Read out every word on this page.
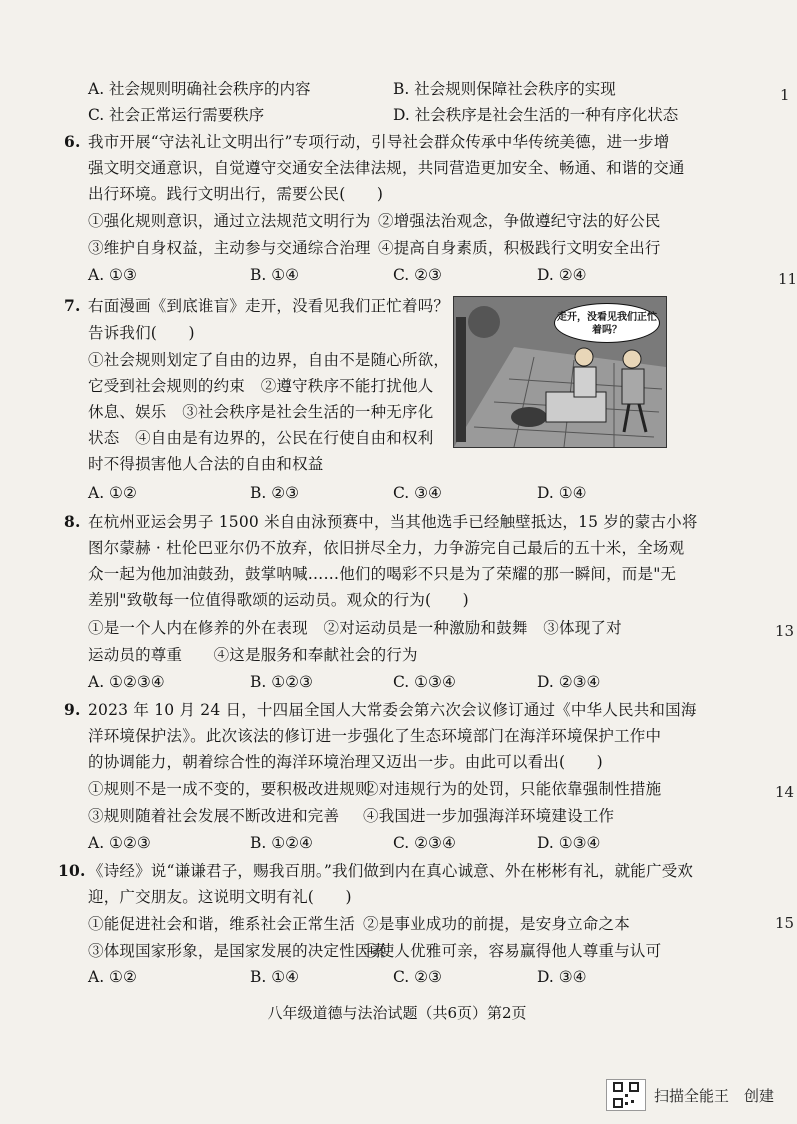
A. 社会规则明确社会秩序的内容	B. 社会规则保障社会秩序的实现
C. 社会正常运行需要秩序	D. 社会秩序是社会生活的一种有序化状态
6. 我市开展“守法礼让文明出行”专项行动，引导社会群众传承中华传统美德，进一步增
强文明交通意识，自觉遵守交通安全法律法规，共同营造更加安全、畅通、和谐的交通
出行环境。践行文明出行，需要公民(　　)
①强化规则意识，通过立法规范文明行为 ②增强法治观念，争做遵纪守法的好公民
③维护自身权益，主动参与交通综合治理 ④提高自身素质，积极践行文明安全出行
A. ①③	B. ①④	C. ②③	D. ②④
7. 右面漫画《到底谁盲》走开，没看见我们正忙着吗？
告诉我们(　　)
①社会规则划定了自由的边界，自由不是随心所欲，
它受到社会规则的约束　②遵守秩序不能打扰他人
休息、娱乐　③社会秩序是社会生活的一种无序化
状态　④自由是有边界的，公民在行使自由和权利
时不得损害他人合法的自由和权益
走开，没看见我们正忙着吗？
A. ①②	B. ②③	C. ③④	D. ①④
8. 在杭州亚运会男子 1500 米自由泳预赛中，当其他选手已经触壁抵达，15 岁的蒙古小将
图尔蒙赫 · 杜伦巴亚尔仍不放弃，依旧拼尽全力，力争游完自己最后的五十米，全场观
众一起为他加油鼓劲，鼓掌呐喊……他们的喝彩不只是为了荣耀的那一瞬间，而是"无
差别"致敬每一位值得歌颂的运动员。观众的行为(　　)
①是一个人内在修养的外在表现　②对运动员是一种激励和鼓舞　③体现了对
运动员的尊重　　④这是服务和奉献社会的行为
A. ①②③④	B. ①②③	C. ①③④	D. ②③④
9. 2023 年 10 月 24 日，十四届全国人大常委会第六次会议修订通过《中华人民共和国海
洋环境保护法》。此次该法的修订进一步强化了生态环境部门在海洋环境保护工作中
的协调能力，朝着综合性的海洋环境治理又迈出一步。由此可以看出(　　)
①规则不是一成不变的，要积极改进规则
②对违规行为的处罚，只能依靠强制性措施
③规则随着社会发展不断改进和完善 ④我国进一步加强海洋环境建设工作
A. ①②③	B. ①②④	C. ②③④	D. ①③④
10. 《诗经》说“谦谦君子，赐我百朋。”我们做到内在真心诚意、外在彬彬有礼，就能广受欢
迎，广交朋友。这说明文明有礼(　　)
①能促进社会和谐，维系社会正常生活 ②是事业成功的前提，是安身立命之本
③体现国家形象，是国家发展的决定性因素
④使人优雅可亲，容易赢得他人尊重与认可
A. ①②	B. ①④	C. ②③	D. ③④
八年级道德与法治试题（共6页）第2页
1
11
13
14
15
扫描全能王　创建
